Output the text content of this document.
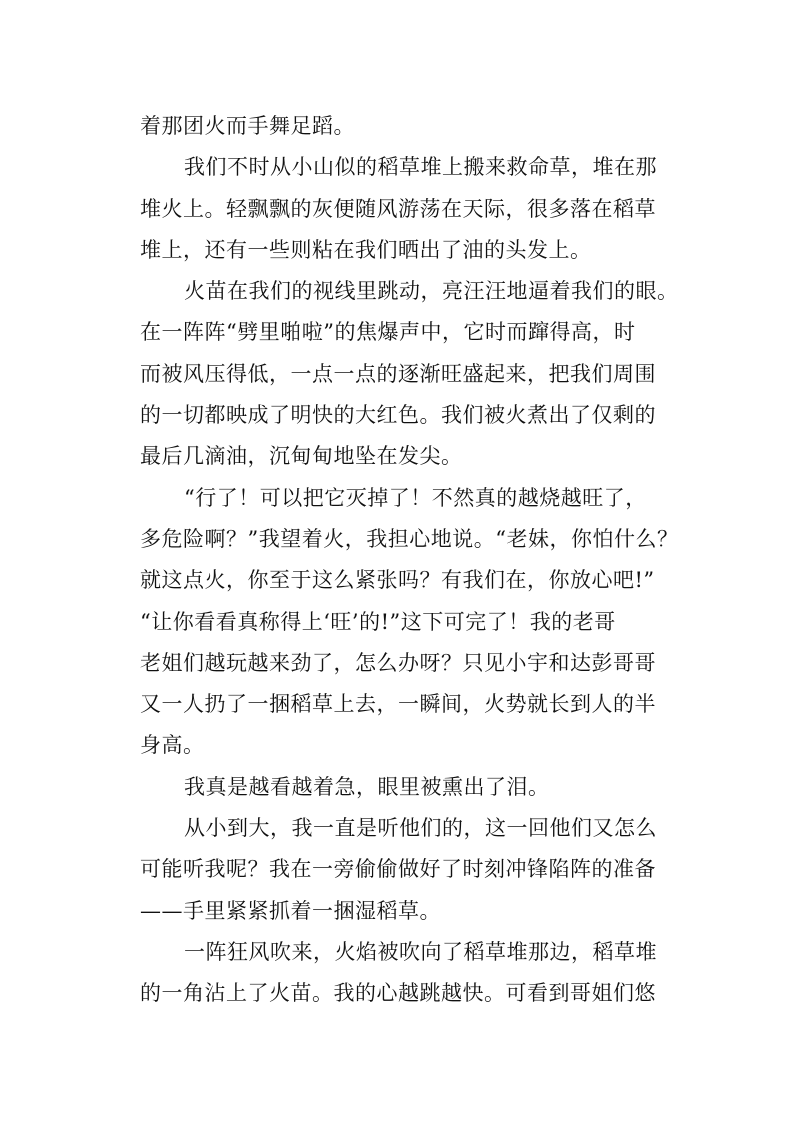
着那团火而手舞足蹈。
我们不时从小山似的稻草堆上搬来救命草，堆在那
堆火上。轻飘飘的灰便随风游荡在天际，很多落在稻草
堆上，还有一些则粘在我们晒出了油的头发上。
火苗在我们的视线里跳动，亮汪汪地逼着我们的眼。
在一阵阵“劈里啪啦”的焦爆声中，它时而蹿得高，时
而被风压得低，一点一点的逐渐旺盛起来，把我们周围
的一切都映成了明快的大红色。我们被火煮出了仅剩的
最后几滴油，沉甸甸地坠在发尖。
“行了！可以把它灭掉了！不然真的越烧越旺了，
多危险啊？”我望着火，我担心地说。“老妹，你怕什么？
就这点火，你至于这么紧张吗？有我们在，你放心吧!”
“让你看看真称得上‘旺’的!”这下可完了！我的老哥
老姐们越玩越来劲了，怎么办呀？只见小宇和达彭哥哥
又一人扔了一捆稻草上去，一瞬间，火势就长到人的半
身高。
我真是越看越着急，眼里被熏出了泪。
从小到大，我一直是听他们的，这一回他们又怎么
可能听我呢？我在一旁偷偷做好了时刻冲锋陷阵的准备
——手里紧紧抓着一捆湿稻草。
一阵狂风吹来，火焰被吹向了稻草堆那边，稻草堆
的一角沾上了火苗。我的心越跳越快。可看到哥姐们悠
